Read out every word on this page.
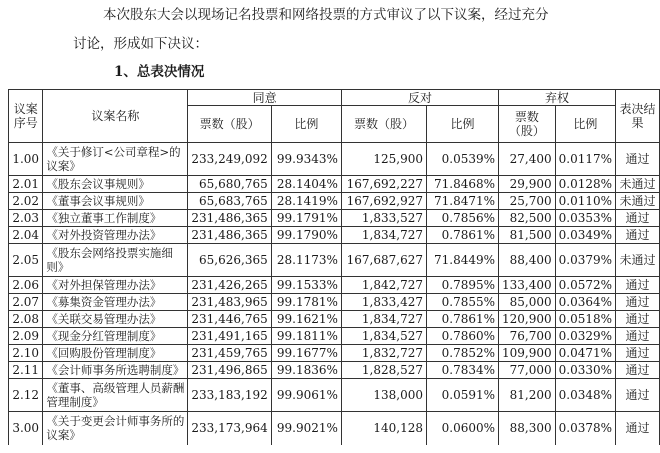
本次股东大会以现场记名投票和网络投票的方式审议了以下议案，经过充分
讨论，形成如下决议：
1、总表决情况
议案序号	议案名称	同意		反对		弃权		表决结果
		票数（股）	比例	票数（股）	比例	票数（股）	比例	
1.00	《关于修订<公司章程>的议案》	233,249,092	99.9343%	125,900	0.0539%	27,400	0.0117%	通过
2.01	《股东会议事规则》	65,680,765	28.1404%	167,692,227	71.8468%	29,900	0.0128%	未通过
2.02	《董事会议事规则》	65,683,765	28.1419%	167,692,927	71.8471%	25,700	0.0110%	未通过
2.03	《独立董事工作制度》	231,486,365	99.1791%	1,833,527	0.7856%	82,500	0.0353%	通过
2.04	《对外投资管理办法》	231,486,365	99.1790%	1,834,727	0.7861%	81,500	0.0349%	通过
2.05	《股东会网络投票实施细则》	65,626,365	28.1173%	167,687,627	71.8449%	88,400	0.0379%	未通过
2.06	《对外担保管理办法》	231,426,265	99.1533%	1,842,727	0.7895%	133,400	0.0572%	通过
2.07	《募集资金管理办法》	231,483,965	99.1781%	1,833,427	0.7855%	85,000	0.0364%	通过
2.08	《关联交易管理办法》	231,446,765	99.1621%	1,834,727	0.7861%	120,900	0.0518%	通过
2.09	《现金分红管理制度》	231,491,165	99.1811%	1,834,527	0.7860%	76,700	0.0329%	通过
2.10	《回购股份管理制度》	231,459,765	99.1677%	1,832,727	0.7852%	109,900	0.0471%	通过
2.11	《会计师事务所选聘制度》	231,496,865	99.1836%	1,828,527	0.7834%	77,000	0.0330%	通过
2.12	《董事、高级管理人员薪酬管理制度》	233,183,192	99.9061%	138,000	0.0591%	81,200	0.0348%	通过
3.00	《关于变更会计师事务所的议案》	233,173,964	99.9021%	140,128	0.0600%	88,300	0.0378%	通过
